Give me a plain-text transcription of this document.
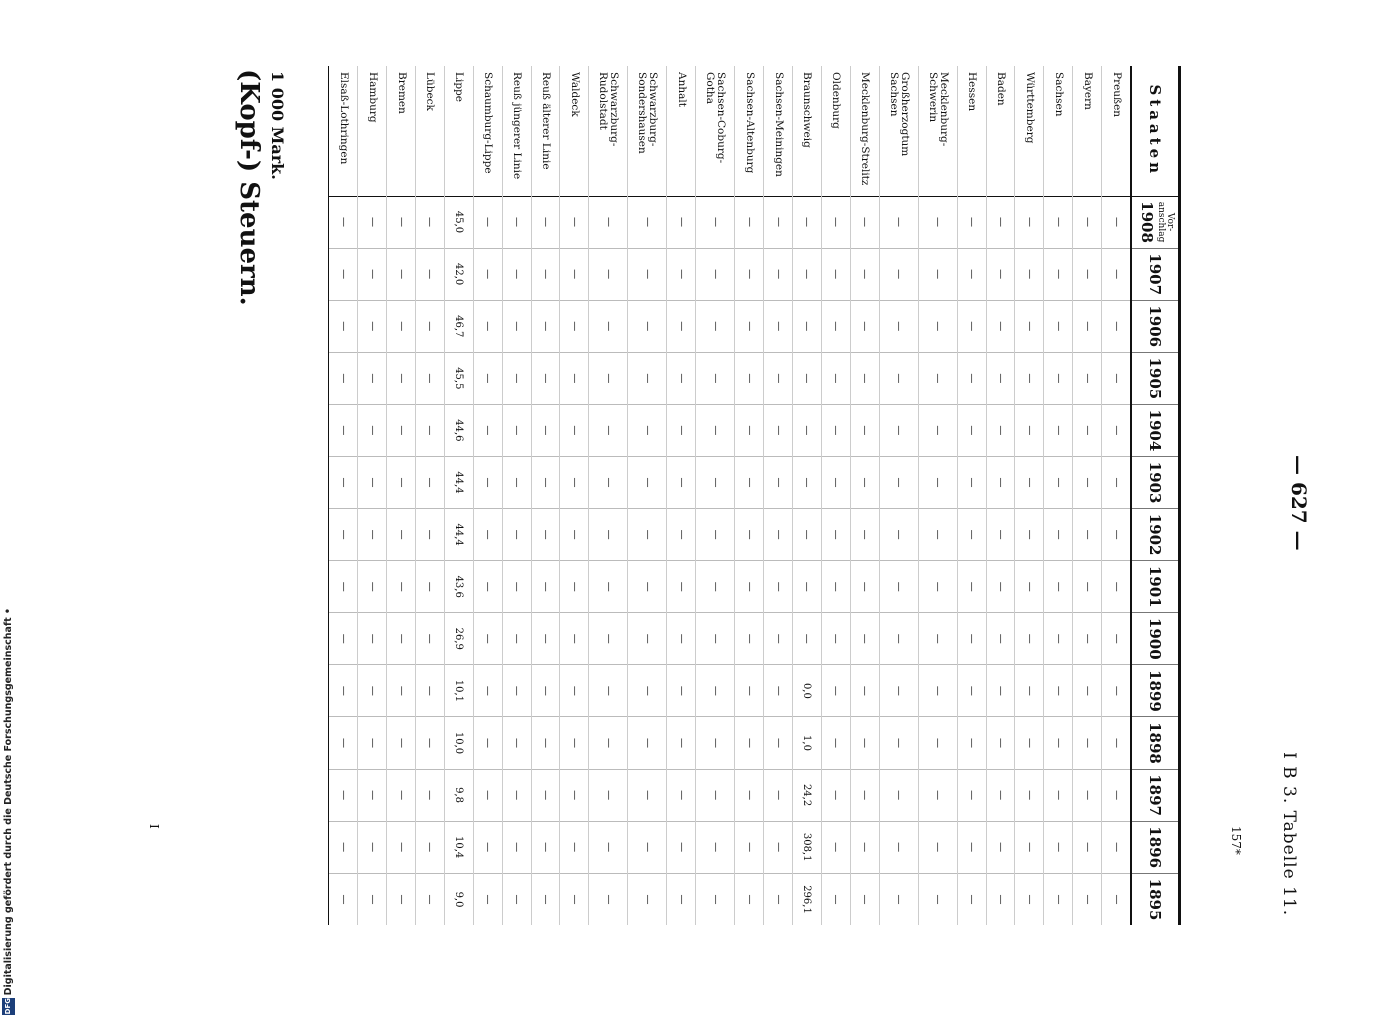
I B 3. Tabelle 11.
— 627 —
(Kopf-) Steuern. 1 000 Mark.	Staaten	Vor-
anschlag
1908	1907	1906	1905	1904	1903	1902	1901	1900	1899	1898	1897	1896	1895
Preußen	—	—	—	—	—	—	—	—	—	—	—	—	—	—
Bayern	—	—	—	—	—	—	—	—	—	—	—	—	—	—
Sachsen	—	—	—	—	—	—	—	—	—	—	—	—	—	—
Württemberg	—	—	—	—	—	—	—	—	—	—	—	—	—	—
Baden	—	—	—	—	—	—	—	—	—	—	—	—	—	—
Hessen	—	—	—	—	—	—	—	—	—	—	—	—	—	—
Mecklenburg-
Schwerin	—	—	—	—	—	—	—	—	—	—	—	—	—	—
Großherzogtum
Sachsen	—	—	—	—	—	—	—	—	—	—	—	—	—	—
Mecklenburg-Strelitz	—	—	—	—	—	—	—	—	—	—	—	—	—	—
Oldenburg	—	—	—	—	—	—	—	—	—	—	—	—	—	—
Braunschweig	—	—	—	—	—	—	—	—	—	0,0	1,0	24,2	308,1	296,1
Sachsen-Meiningen	—	—	—	—	—	—	—	—	—	—	—	—	—	—
Sachsen-Altenburg	—	—	—	—	—	—	—	—	—	—	—	—	—	—
Sachsen-Coburg-
Gotha	—	—	—	—	—	—	—	—	—	—	—	—	—	—
Anhalt	—	—	—	—	—	—	—	—	—	—	—	—	—	—
Schwarzburg-
Sondershausen	—	—	—	—	—	—	—	—	—	—	—	—	—	—
Schwarzburg-
Rudolstadt	—	—	—	—	—	—	—	—	—	—	—	—	—	—
Waldeck	—	—	—	—	—	—	—	—	—	—	—	—	—	—
Reuß älterer Linie	—	—	—	—	—	—	—	—	—	—	—	—	—	—
Reuß jüngerer Linie	—	—	—	—	—	—	—	—	—	—	—	—	—	—
Schaumburg-Lippe	—	—	—	—	—	—	—	—	—	—	—	—	—	—
Lippe	45,0	42,0	46,7	45,5	44,6	44,4	44,4	43,6	26,9	10,1	10,0	9,8	10,4	9,0
Lübeck	—	—	—	—	—	—	—	—	—	—	—	—	—	—
Bremen	—	—	—	—	—	—	—	—	—	—	—	—	—	—
Hamburg	—	—	—	—	—	—	—	—	—	—	—	—	—	—
Elsaß-Lothringen	—	—	—	—	—	—	—	—	—	—	—	—	—	—
157*
I
Digitalisierung gefördert durch die Deutsche Forschungsgemeinschaft •
DFG
